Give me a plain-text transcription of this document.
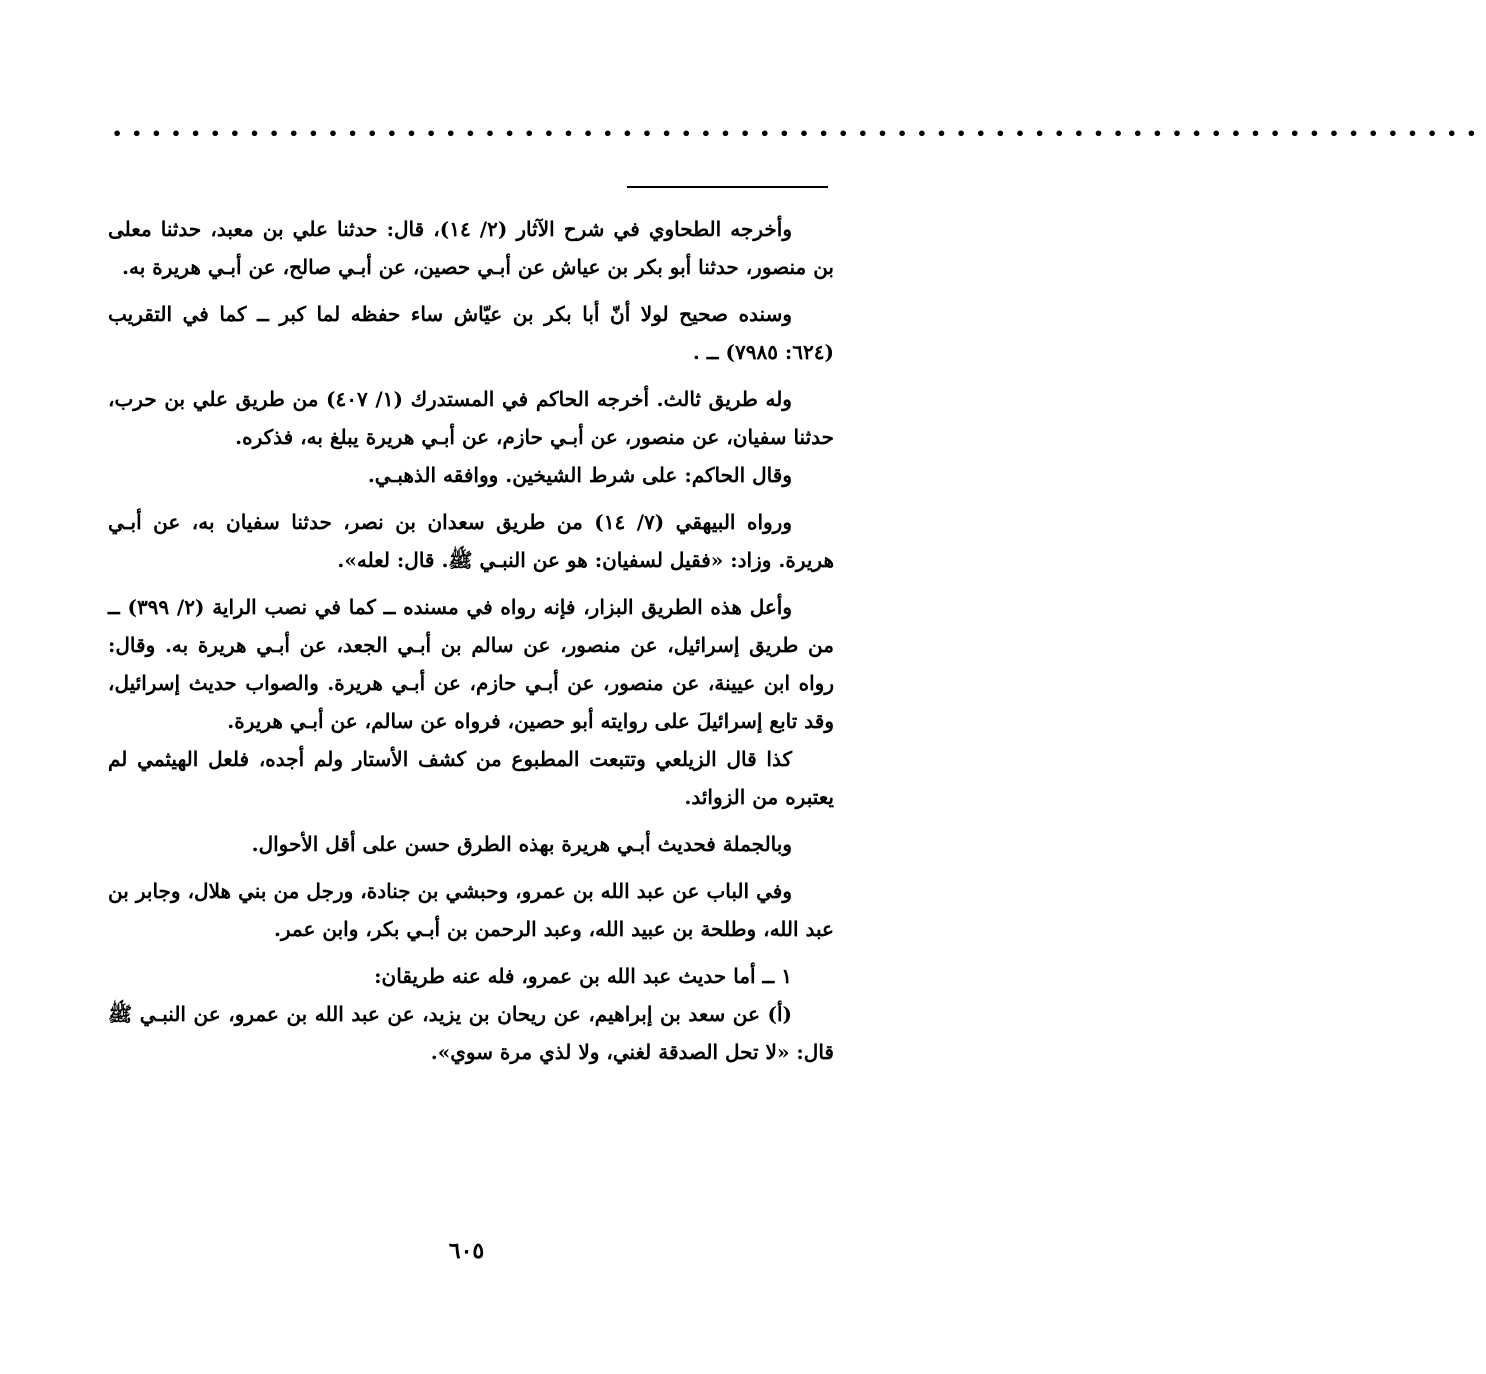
••••••••••••••••••••••••••••••••••••••••••••••••••••••••••••••••••••••

وأخرجه الطحاوي في شرح الآثار (٢/ ١٤)، قال: حدثنا علي بن معبد، حدثنا معلى بن منصور، حدثنا أبو بكر بن عياش عن أبـي حصين، عن أبـي صالح، عن أبـي هريرة به.

وسنده صحيح لولا أنّ أبا بكر بن عيّاش ساء حفظه لما كبر ــ كما في التقريب (٦٢٤: ٧٩٨٥) ــ .

وله طريق ثالث. أخرجه الحاكم في المستدرك (١/ ٤٠٧) من طريق علي بن حرب، حدثنا سفيان، عن منصور، عن أبـي حازم، عن أبـي هريرة يبلغ به، فذكره.

وقال الحاكم: على شرط الشيخين. ووافقه الذهبـي.

ورواه البيهقي (٧/ ١٤) من طريق سعدان بن نصر، حدثنا سفيان به، عن أبـي هريرة. وزاد: «فقيل لسفيان: هو عن النبـي ﷺ. قال: لعله».

وأعل هذه الطريق البزار، فإنه رواه في مسنده ــ كما في نصب الراية (٢/ ٣٩٩) ــ من طريق إسرائيل، عن منصور، عن سالم بن أبـي الجعد، عن أبـي هريرة به. وقال: رواه ابن عيينة، عن منصور، عن أبـي حازم، عن أبـي هريرة. والصواب حديث إسرائيل، وقد تابع إسرائيلَ على روايته أبو حصين، فرواه عن سالم، عن أبـي هريرة.

كذا قال الزيلعي وتتبعت المطبوع من كشف الأستار ولم أجده، فلعل الهيثمي لم يعتبره من الزوائد.

وبالجملة فحديث أبـي هريرة بهذه الطرق حسن على أقل الأحوال.

وفي الباب عن عبد الله بن عمرو، وحبشي بن جنادة، ورجل من بني هلال، وجابر بن عبد الله، وطلحة بن عبيد الله، وعبد الرحمن بن أبـي بكر، وابن عمر.

١ ــ أما حديث عبد الله بن عمرو، فله عنه طريقان:

(أ) عن سعد بن إبراهيم، عن ريحان بن يزيد، عن عبد الله بن عمرو، عن النبـي ﷺ قال: «لا تحل الصدقة لغني، ولا لذي مرة سوي».

٦٠٥
